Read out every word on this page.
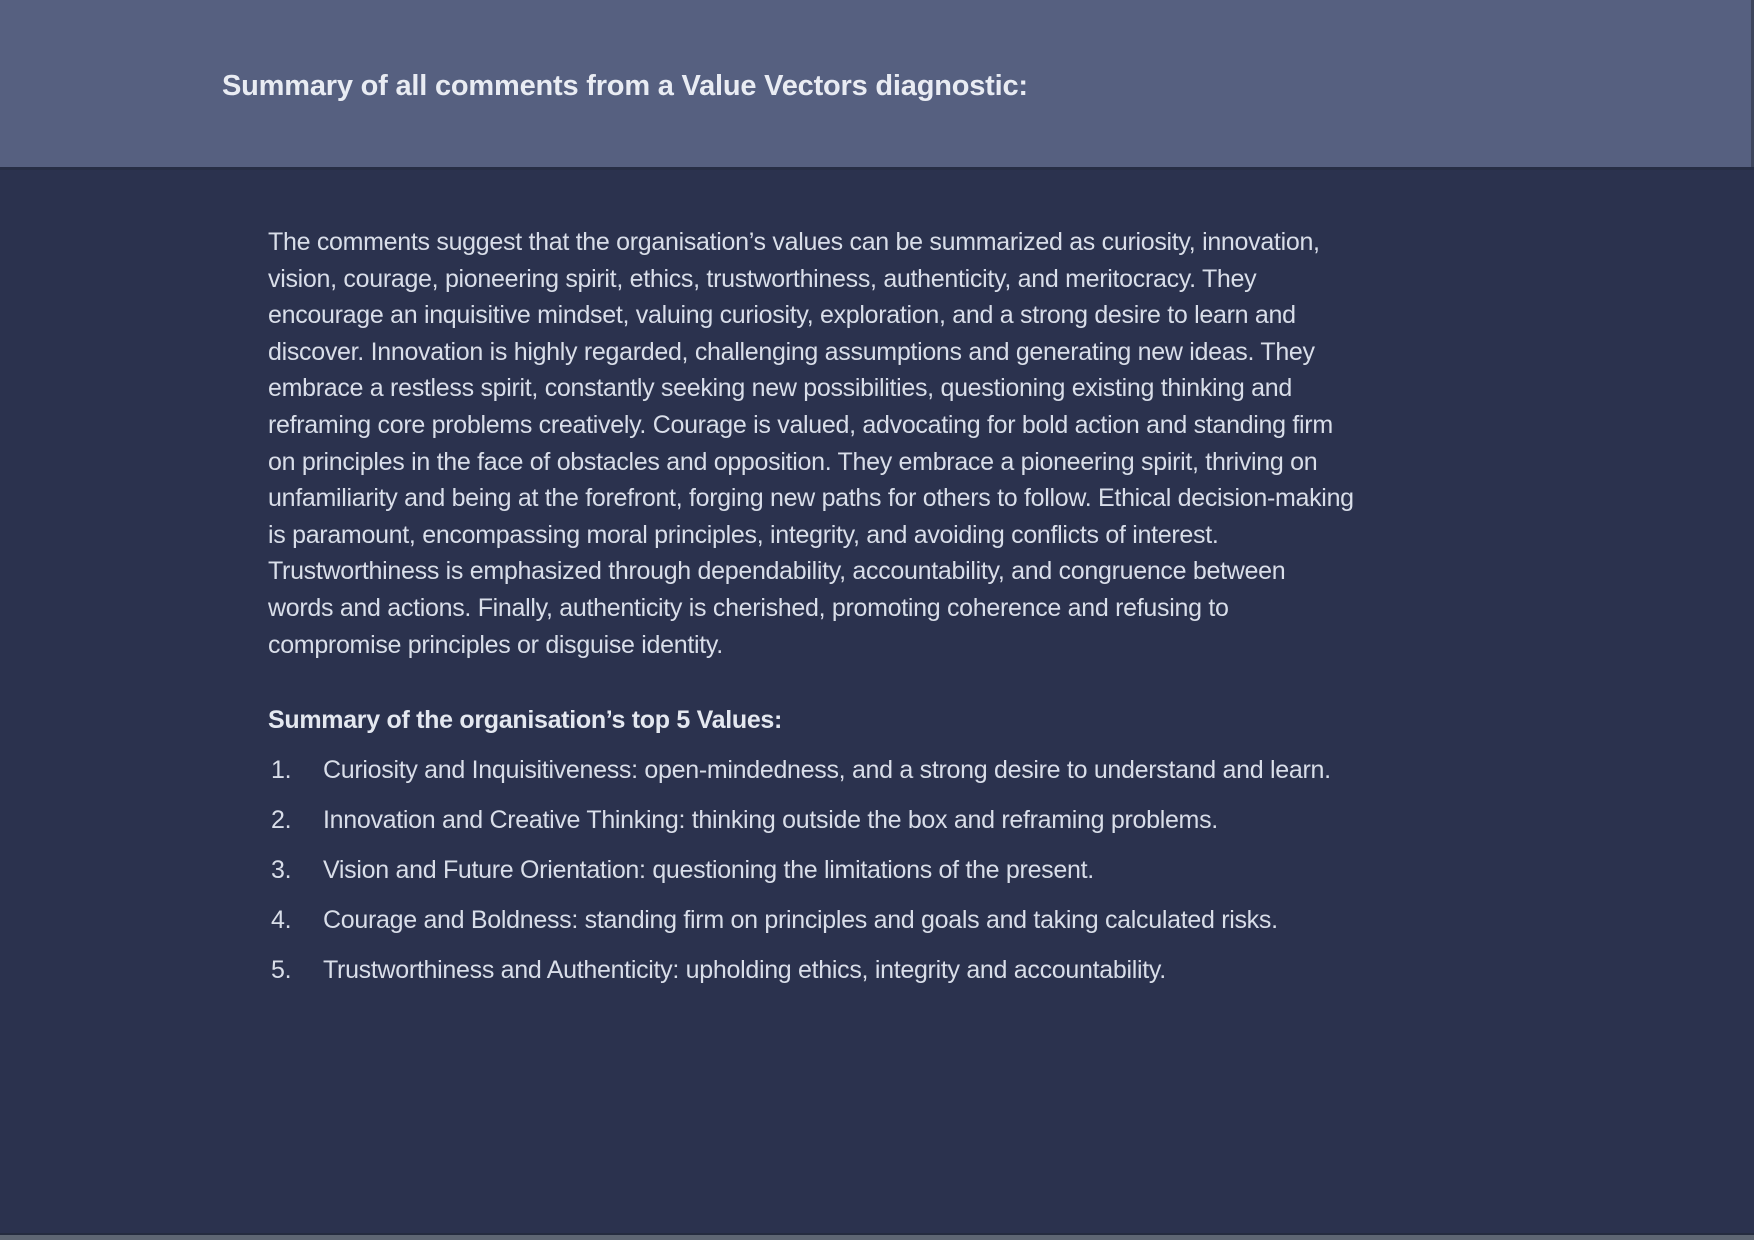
Summary of all comments from a Value Vectors diagnostic:

The comments suggest that the organisation’s values can be summarized as curiosity, innovation, vision, courage, pioneering spirit, ethics, trustworthiness, authenticity, and meritocracy. They encourage an inquisitive mindset, valuing curiosity, exploration, and a strong desire to learn and discover. Innovation is highly regarded, challenging assumptions and generating new ideas. They embrace a restless spirit, constantly seeking new possibilities, questioning existing thinking and reframing core problems creatively. Courage is valued, advocating for bold action and standing firm on principles in the face of obstacles and opposition. They embrace a pioneering spirit, thriving on unfamiliarity and being at the forefront, forging new paths for others to follow. Ethical decision-making is paramount, encompassing moral principles, integrity, and avoiding conflicts of interest. Trustworthiness is emphasized through dependability, accountability, and congruence between words and actions. Finally, authenticity is cherished, promoting coherence and refusing to compromise principles or disguise identity.

Summary of the organisation’s top 5 Values:
1.	Curiosity and Inquisitiveness: open-mindedness, and a strong desire to understand and learn.
2.	Innovation and Creative Thinking: thinking outside the box and reframing problems.
3.	Vision and Future Orientation: questioning the limitations of the present.
4.	Courage and Boldness: standing firm on principles and goals and taking calculated risks.
5.	Trustworthiness and Authenticity: upholding ethics, integrity and accountability.
